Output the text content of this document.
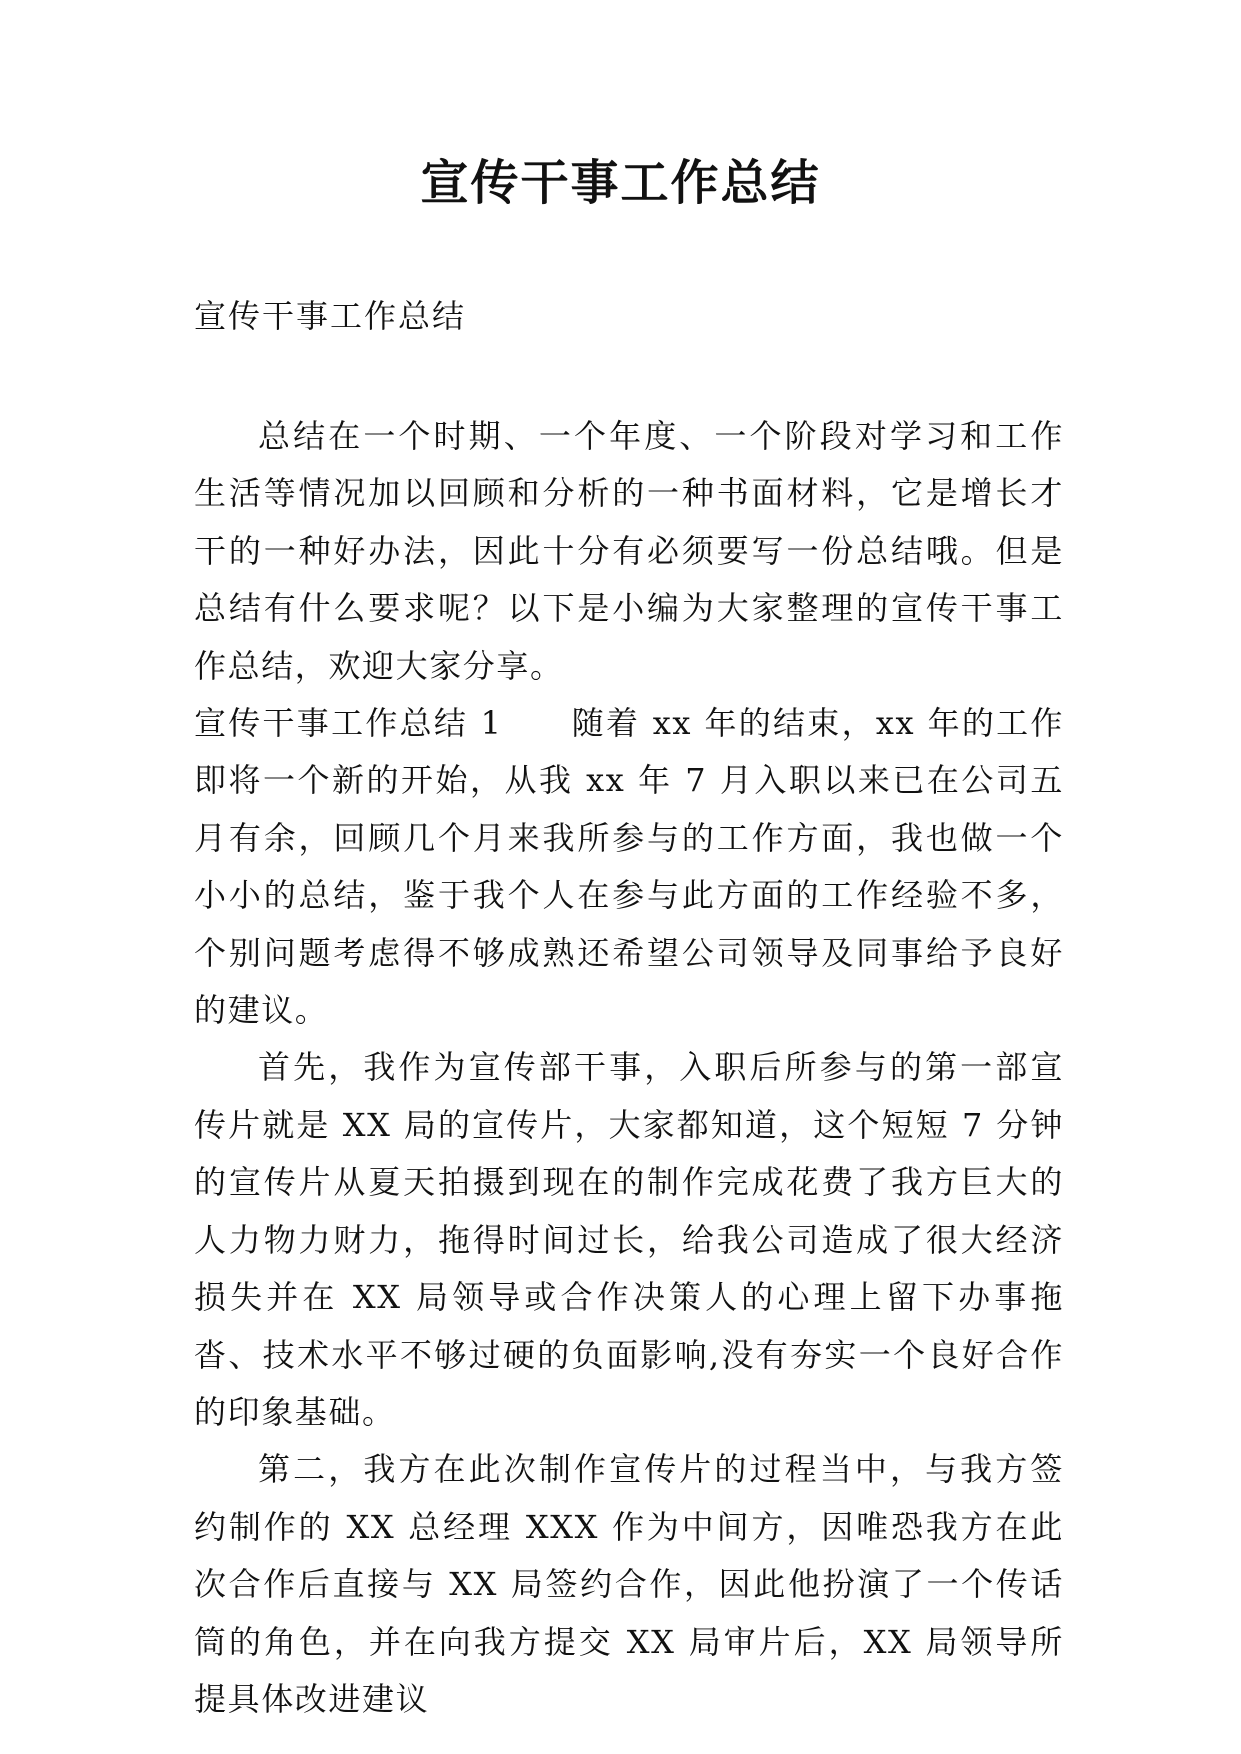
宣传干事工作总结

宣传干事工作总结

总结在一个时期、一个年度、一个阶段对学习和工作生活等情况加以回顾和分析的一种书面材料，它是增长才干的一种好办法，因此十分有必须要写一份总结哦。但是总结有什么要求呢？以下是小编为大家整理的宣传干事工作总结，欢迎大家分享。

宣传干事工作总结 1　　随着 xx 年的结束，xx 年的工作即将一个新的开始，从我 xx 年 7 月入职以来已在公司五月有余，回顾几个月来我所参与的工作方面，我也做一个小小的总结，鉴于我个人在参与此方面的工作经验不多，个别问题考虑得不够成熟还希望公司领导及同事给予良好的建议。

首先，我作为宣传部干事，入职后所参与的第一部宣传片就是 XX 局的宣传片，大家都知道，这个短短 7 分钟的宣传片从夏天拍摄到现在的制作完成花费了我方巨大的人力物力财力，拖得时间过长，给我公司造成了很大经济损失并在 XX 局领导或合作决策人的心理上留下办事拖沓、技术水平不够过硬的负面影响,没有夯实一个良好合作的印象基础。

第二，我方在此次制作宣传片的过程当中，与我方签约制作的 XX 总经理 XXX 作为中间方，因唯恐我方在此次合作后直接与 XX 局签约合作，因此他扮演了一个传话筒的角色，并在向我方提交 XX 局审片后，XX 局领导所提具体改进建议
